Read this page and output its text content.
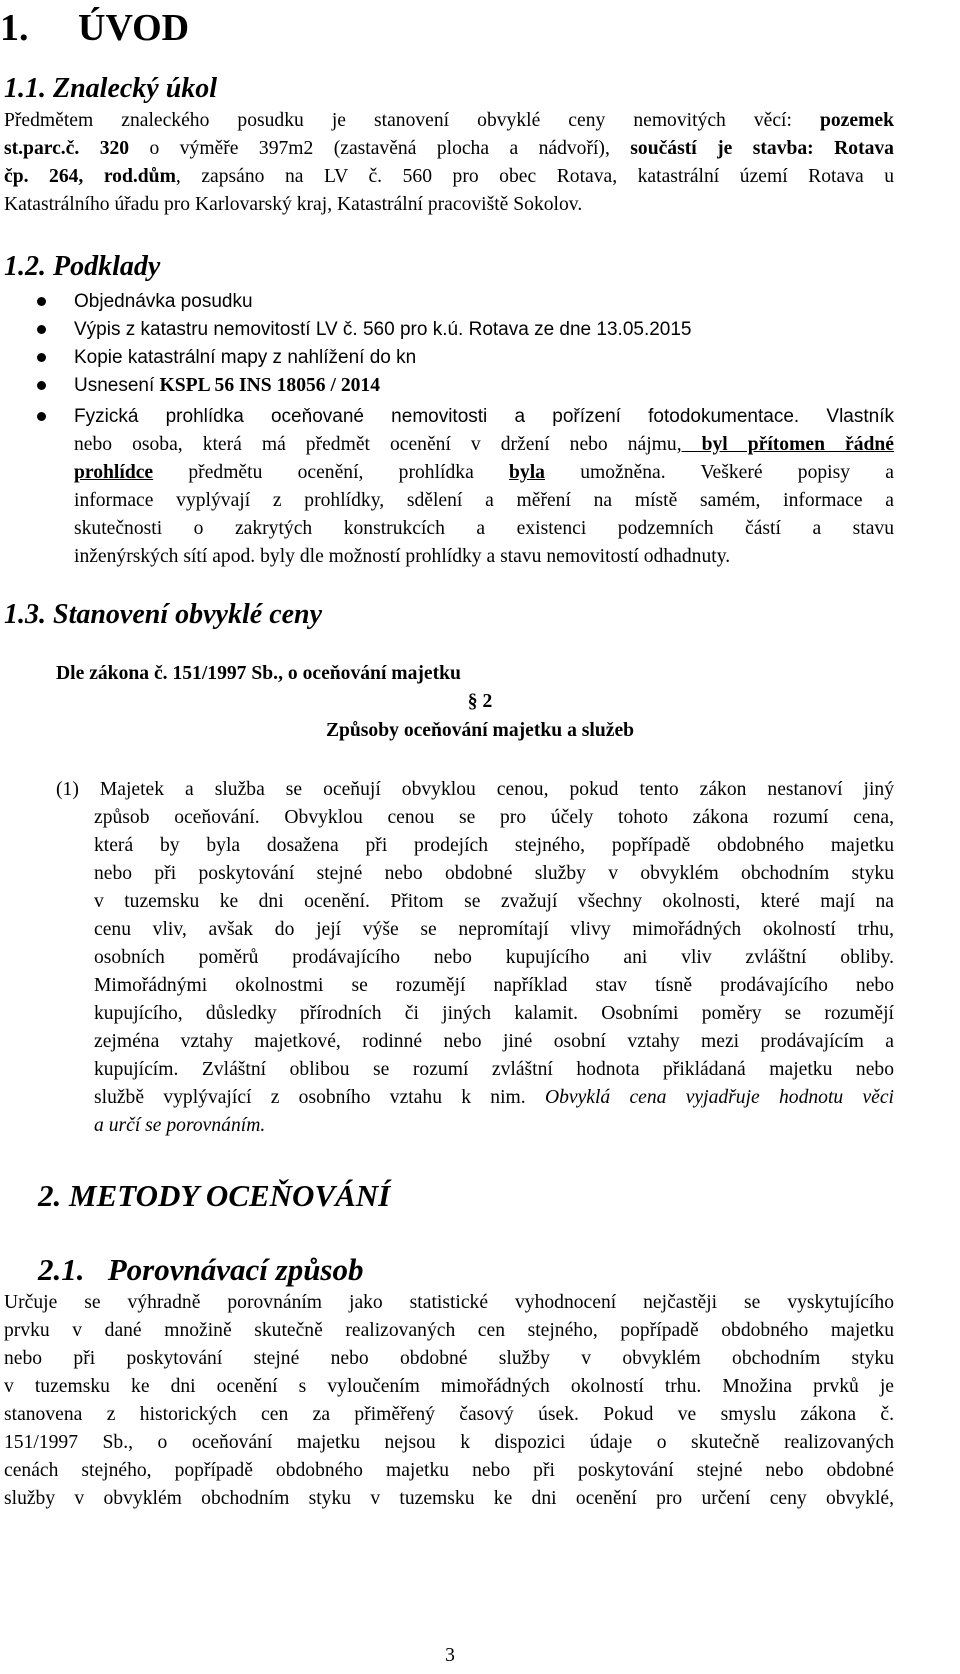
1. ÚVOD
1.1. Znalecký úkol
Předmětem znaleckého posudku je stanovení obvyklé ceny nemovitých věcí: pozemek
st.parc.č. 320 o výměře 397m2 (zastavěná plocha a nádvoří), součástí je stavba: Rotava
čp. 264, rod.dům, zapsáno na LV č. 560 pro obec Rotava, katastrální území Rotava u
Katastrálního úřadu pro Karlovarský kraj, Katastrální pracoviště Sokolov.
1.2. Podklady
Objednávka posudku
Výpis z katastru nemovitostí LV č. 560 pro k.ú. Rotava ze dne 13.05.2015
Kopie katastrální mapy z nahlížení do kn
Usnesení KSPL 56 INS 18056 / 2014
Fyzická prohlídka oceňované nemovitosti a pořízení fotodokumentace. Vlastník
nebo osoba, která má předmět ocenění v držení nebo nájmu, byl přítomen řádné
prohlídce předmětu ocenění, prohlídka byla umožněna. Veškeré popisy a
informace vyplývají z prohlídky, sdělení a měření na místě samém, informace a
skutečnosti o zakrytých konstrukcích a existenci podzemních částí a stavu
inženýrských sítí apod. byly dle možností prohlídky a stavu nemovitostí odhadnuty.
1.3. Stanovení obvyklé ceny
Dle zákona č. 151/1997 Sb., o oceňování majetku
§ 2
Způsoby oceňování majetku a služeb
(1) Majetek a služba se oceňují obvyklou cenou, pokud tento zákon nestanoví jiný
způsob oceňování. Obvyklou cenou se pro účely tohoto zákona rozumí cena,
která by byla dosažena při prodejích stejného, popřípadě obdobného majetku
nebo při poskytování stejné nebo obdobné služby v obvyklém obchodním styku
v tuzemsku ke dni ocenění. Přitom se zvažují všechny okolnosti, které mají na
cenu vliv, avšak do její výše se nepromítají vlivy mimořádných okolností trhu,
osobních poměrů prodávajícího nebo kupujícího ani vliv zvláštní obliby.
Mimořádnými okolnostmi se rozumějí například stav tísně prodávajícího nebo
kupujícího, důsledky přírodních či jiných kalamit. Osobními poměry se rozumějí
zejména vztahy majetkové, rodinné nebo jiné osobní vztahy mezi prodávajícím a
kupujícím. Zvláštní oblibou se rozumí zvláštní hodnota přikládaná majetku nebo
službě vyplývající z osobního vztahu k nim. Obvyklá cena vyjadřuje hodnotu věci
a určí se porovnáním.
2. METODY OCEŇOVÁNÍ
2.1.   Porovnávací způsob
Určuje se výhradně porovnáním jako statistické vyhodnocení nejčastěji se vyskytujícího
prvku v dané množině skutečně realizovaných cen stejného, popřípadě obdobného majetku
nebo při poskytování stejné nebo obdobné služby v obvyklém obchodním styku
v tuzemsku ke dni ocenění s vyloučením mimořádných okolností trhu. Množina prvků je
stanovena z historických cen za přiměřený časový úsek. Pokud ve smyslu zákona č.
151/1997 Sb., o oceňování majetku nejsou k dispozici údaje o skutečně realizovaných
cenách stejného, popřípadě obdobného majetku nebo při poskytování stejné nebo obdobné
služby v obvyklém obchodním styku v tuzemsku ke dni ocenění pro určení ceny obvyklé,
3
